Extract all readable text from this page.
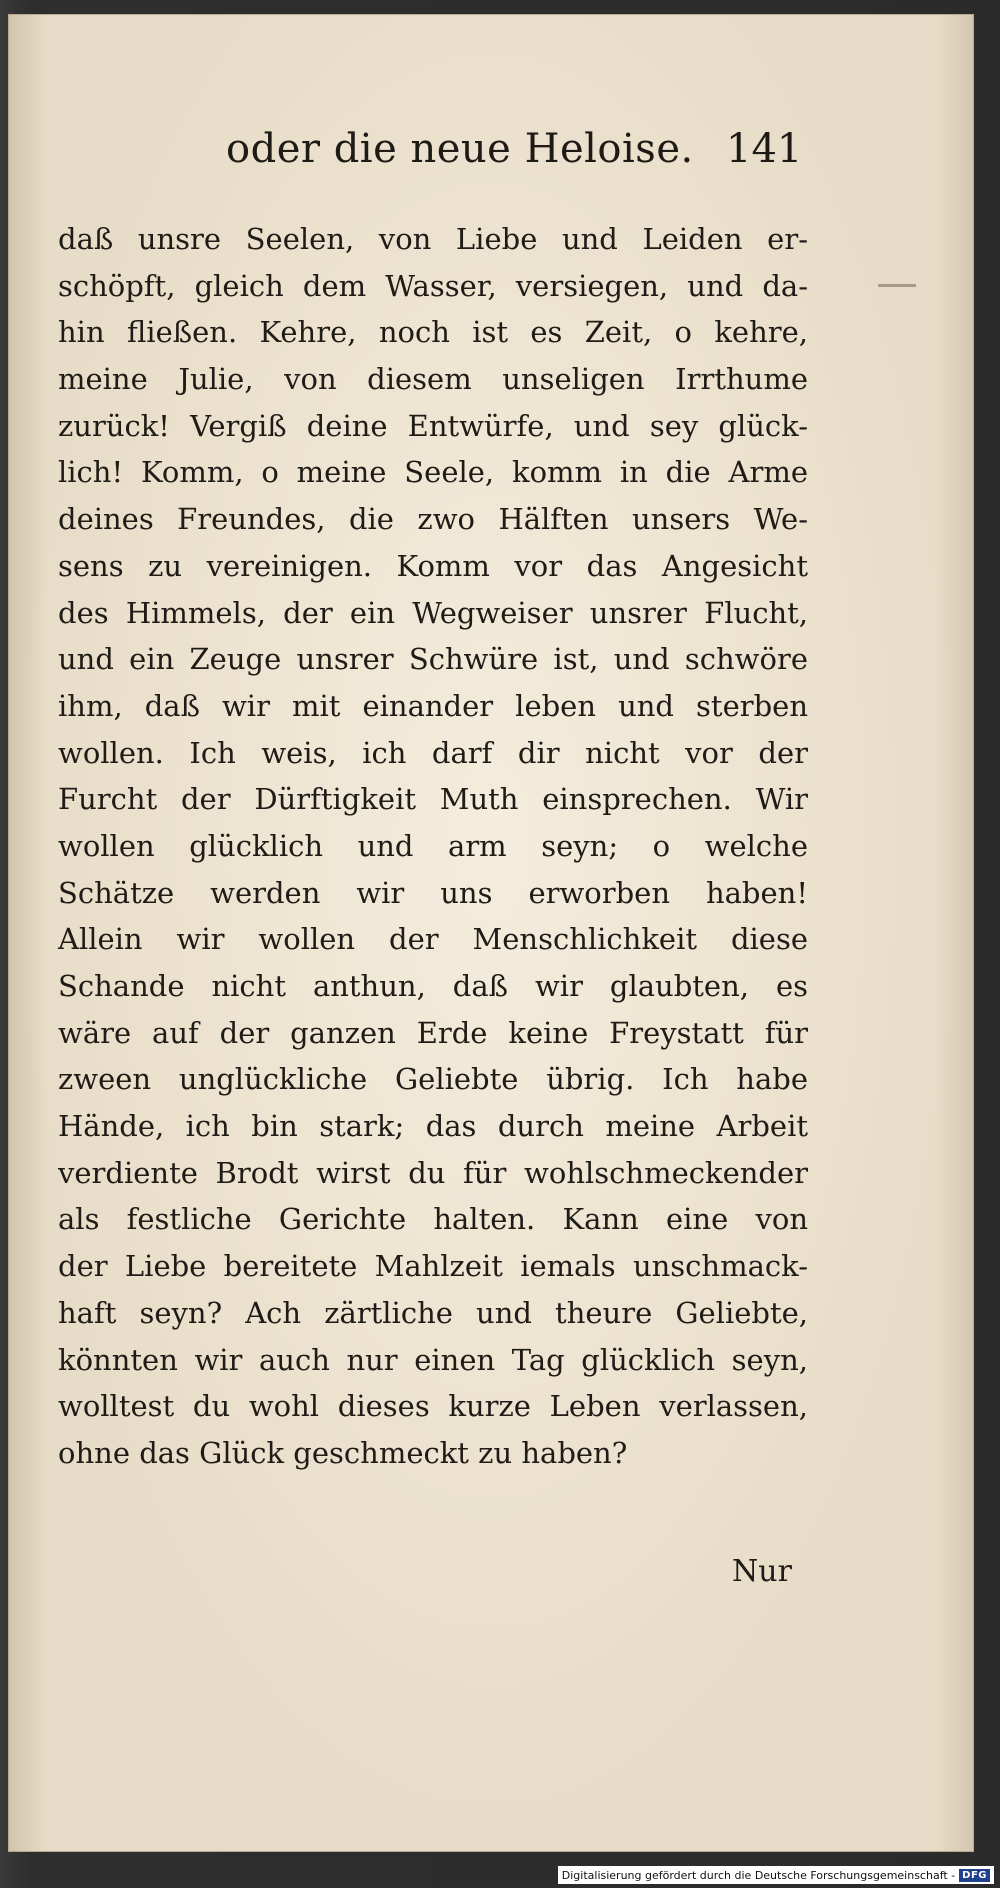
oder die neue Heloise. 141
daß unsre Seelen, von Liebe und Leiden er-
schöpft, gleich dem Wasser, versiegen, und da-
hin fließen. Kehre, noch ist es Zeit, o kehre,
meine Julie, von diesem unseligen Irrthume
zurück! Vergiß deine Entwürfe, und sey glück-
lich! Komm, o meine Seele, komm in die Arme
deines Freundes, die zwo Hälften unsers We-
sens zu vereinigen. Komm vor das Angesicht
des Himmels, der ein Wegweiser unsrer Flucht,
und ein Zeuge unsrer Schwüre ist, und schwöre
ihm, daß wir mit einander leben und sterben
wollen. Ich weis, ich darf dir nicht vor der
Furcht der Dürftigkeit Muth einsprechen. Wir
wollen glücklich und arm seyn; o welche
Schätze werden wir uns erworben haben!
Allein wir wollen der Menschlichkeit diese
Schande nicht anthun, daß wir glaubten, es
wäre auf der ganzen Erde keine Freystatt für
zween unglückliche Geliebte übrig. Ich habe
Hände, ich bin stark; das durch meine Arbeit
verdiente Brodt wirst du für wohlschmeckender
als festliche Gerichte halten. Kann eine von
der Liebe bereitete Mahlzeit iemals unschmack-
haft seyn? Ach zärtliche und theure Geliebte,
könnten wir auch nur einen Tag glücklich seyn,
wolltest du wohl dieses kurze Leben verlassen,
ohne das Glück geschmeckt zu haben?
Nur
Digitalisierung gefördert durch die Deutsche Forschungsgemeinschaft - DFG
